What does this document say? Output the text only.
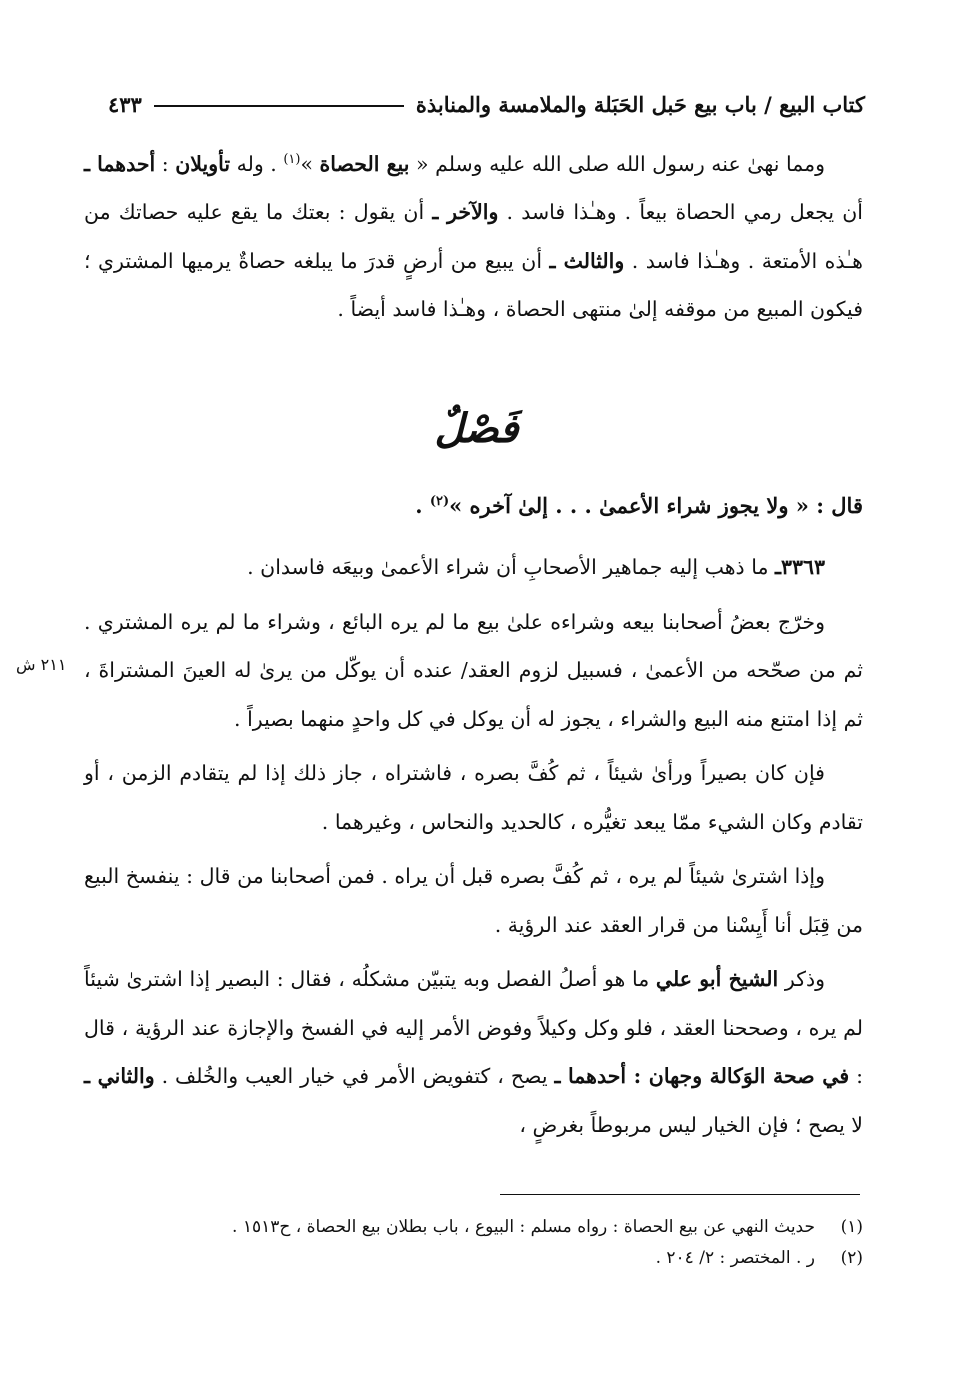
كتاب البيع / باب بيع حَبل الحَبَلة والملامسة والمنابذة
٤٣٣

ومما نهىٰ عنه رسول الله صلى الله عليه وسلم « بيع الحصاة »$^{(١)}$ . وله تأويلان : أحدهما ـ أن يجعل رمي الحصاة بيعاً . وهـٰذا فاسد . والآخر ـ أن يقول : بعتك ما يقع عليه حصاتك من هـٰذه الأمتعة . وهـٰذا فاسد . والثالث ـ أن يبيع من أرضٍ قدرَ ما يبلغه حصاةٌ يرميها المشتري ؛ فيكون المبيع من موقفه إلىٰ منتهى الحصاة ، وهـٰذا فاسد أيضاً .

فَصْلٌ
قال : « ولا يجوز شراء الأعمىٰ . . . إلىٰ آخره »$^{(٢)}$ .

٣٣٦٣ـ ما ذهب إليه جماهير الأصحابِ أن شراء الأعمىٰ وبيعَه فاسدان .

وخرّج بعضُ أصحابنا بيعه وشراءه علىٰ بيع ما لم يره البائع ، وشراء ما لم يره المشتري . ثم من صحّحه من الأعمىٰ ، فسبيل لزوم العقد/ عنده أن يوكّل من يرىٰ له العينَ المشتراةَ ، ثم إذا امتنع منه البيع والشراء ، يجوز له أن يوكل في كل واحدٍ منهما بصيراً .

فإن كان بصيراً ورأىٰ شيئاً ، ثم كُفَّ بصره ، فاشتراه ، جاز ذلك إذا لم يتقادم الزمن ، أو تقادم وكان الشيء ممّا يبعد تغيُّره ، كالحديد والنحاس ، وغيرهما .

وإذا اشترىٰ شيئاً لم يره ، ثم كُفَّ بصره قبل أن يراه . فمن أصحابنا من قال : ينفسخ البيع من قِبَل أنا أَيِسْنا من قرار العقد عند الرؤية .

وذكر الشيخ أبو علي ما هو أصلُ الفصل وبه يتبيّن مشكلُه ، فقال : البصير إذا اشترىٰ شيئاً لم يره ، وصححنا العقد ، فلو وكل وكيلاً وفوض الأمر إليه في الفسخ والإجازة عند الرؤية ، قال : في صحة الوَكالة وجهان : أحدهما ـ يصح ، كتفويض الأمر في خيار العيب والخُلف . والثاني ـ لا يصح ؛ فإن الخيار ليس مربوطاً بغرضٍ ،

٢١١ ش
(١)
حديث النهي عن بيع الحصاة : رواه مسلم : البيوع ، باب بطلان بيع الحصاة ، ح١٥١٣ .
(٢)
ر . المختصر : ٢/ ٢٠٤ .
